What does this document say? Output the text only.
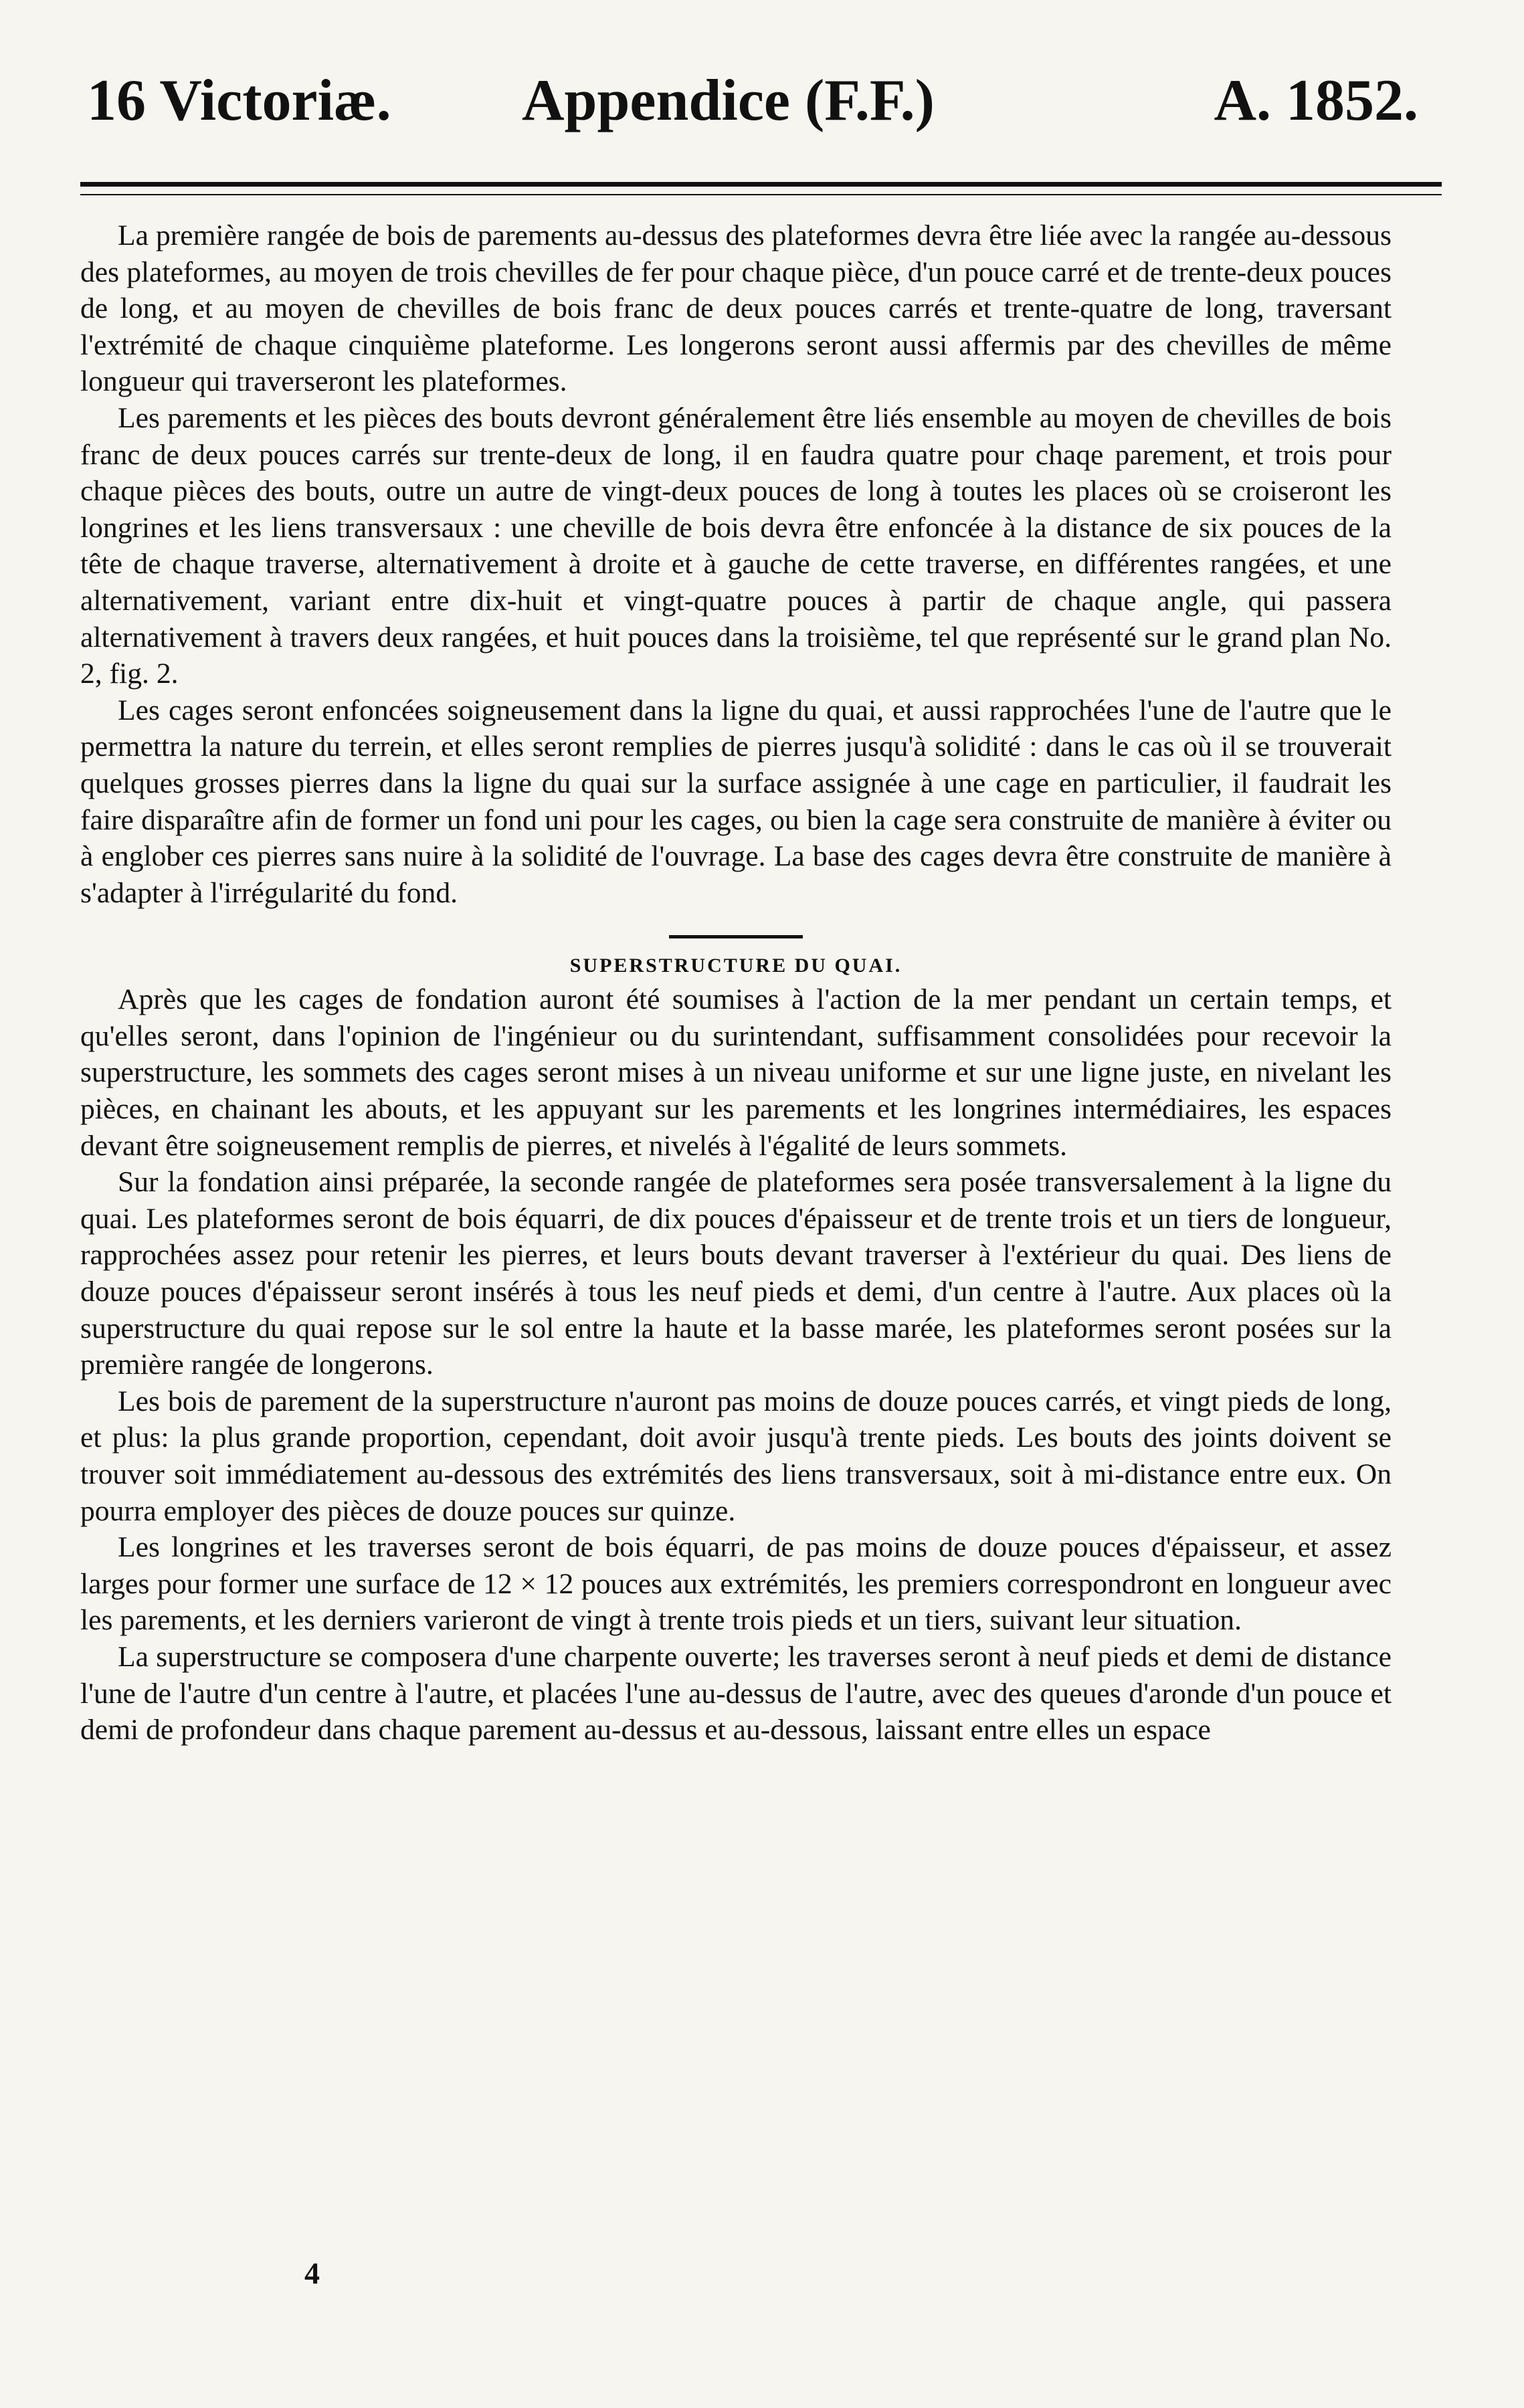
16 Victoriæ. Appendice (F.F.)	A. 1852.

La première rangée de bois de parements au-dessus des plateformes devra être liée avec la rangée au-dessous des plateformes, au moyen de trois chevilles de fer pour chaque pièce, d'un pouce carré et de trente-deux pouces de long, et au moyen de chevilles de bois franc de deux pouces carrés et trente-quatre de long, traversant l'extrémité de chaque cinquième plateforme. Les longerons seront aussi affermis par des chevilles de même longueur qui traverseront les plateformes.

Les parements et les pièces des bouts devront généralement être liés ensemble au moyen de chevilles de bois franc de deux pouces carrés sur trente-deux de long, il en faudra quatre pour chaqe parement, et trois pour chaque pièces des bouts, outre un autre de vingt-deux pouces de long à toutes les places où se croiseront les longrines et les liens transversaux : une cheville de bois devra être enfoncée à la distance de six pouces de la tête de chaque traverse, alternativement à droite et à gauche de cette traverse, en différentes rangées, et une alternativement, variant entre dix-huit et vingt-quatre pouces à partir de chaque angle, qui passera alternativement à travers deux rangées, et huit pouces dans la troisième, tel que représenté sur le grand plan No. 2, fig. 2.

Les cages seront enfoncées soigneusement dans la ligne du quai, et aussi rapprochées l'une de l'autre que le permettra la nature du terrein, et elles seront remplies de pierres jusqu'à solidité : dans le cas où il se trouverait quelques grosses pierres dans la ligne du quai sur la surface assignée à une cage en particulier, il faudrait les faire disparaître afin de former un fond uni pour les cages, ou bien la cage sera construite de manière à éviter ou à englober ces pierres sans nuire à la solidité de l'ouvrage. La base des cages devra être construite de manière à s'adapter à l'irrégularité du fond.

SUPERSTRUCTURE DU QUAI.

Après que les cages de fondation auront été soumises à l'action de la mer pendant un certain temps, et qu'elles seront, dans l'opinion de l'ingénieur ou du surintendant, suffisamment consolidées pour recevoir la superstructure, les sommets des cages seront mises à un niveau uniforme et sur une ligne juste, en nivelant les pièces, en chainant les abouts, et les appuyant sur les parements et les longrines intermédiaires, les espaces devant être soigneusement remplis de pierres, et nivelés à l'égalité de leurs sommets.

Sur la fondation ainsi préparée, la seconde rangée de plateformes sera posée transversalement à la ligne du quai. Les plateformes seront de bois équarri, de dix pouces d'épaisseur et de trente trois et un tiers de longueur, rapprochées assez pour retenir les pierres, et leurs bouts devant traverser à l'extérieur du quai. Des liens de douze pouces d'épaisseur seront insérés à tous les neuf pieds et demi, d'un centre à l'autre. Aux places où la superstructure du quai repose sur le sol entre la haute et la basse marée, les plateformes seront posées sur la première rangée de longerons.

Les bois de parement de la superstructure n'auront pas moins de douze pouces carrés, et vingt pieds de long, et plus: la plus grande proportion, cependant, doit avoir jusqu'à trente pieds. Les bouts des joints doivent se trouver soit immédiatement au-dessous des extrémités des liens transversaux, soit à mi-distance entre eux. On pourra employer des pièces de douze pouces sur quinze.

Les longrines et les traverses seront de bois équarri, de pas moins de douze pouces d'épaisseur, et assez larges pour former une surface de 12 × 12 pouces aux extrémités, les premiers correspondront en longueur avec les parements, et les derniers varieront de vingt à trente trois pieds et un tiers, suivant leur situation.

La superstructure se composera d'une charpente ouverte; les traverses seront à neuf pieds et demi de distance l'une de l'autre d'un centre à l'autre, et placées l'une au-dessus de l'autre, avec des queues d'aronde d'un pouce et demi de profondeur dans chaque parement au-dessus et au-dessous, laissant entre elles un espace

4
